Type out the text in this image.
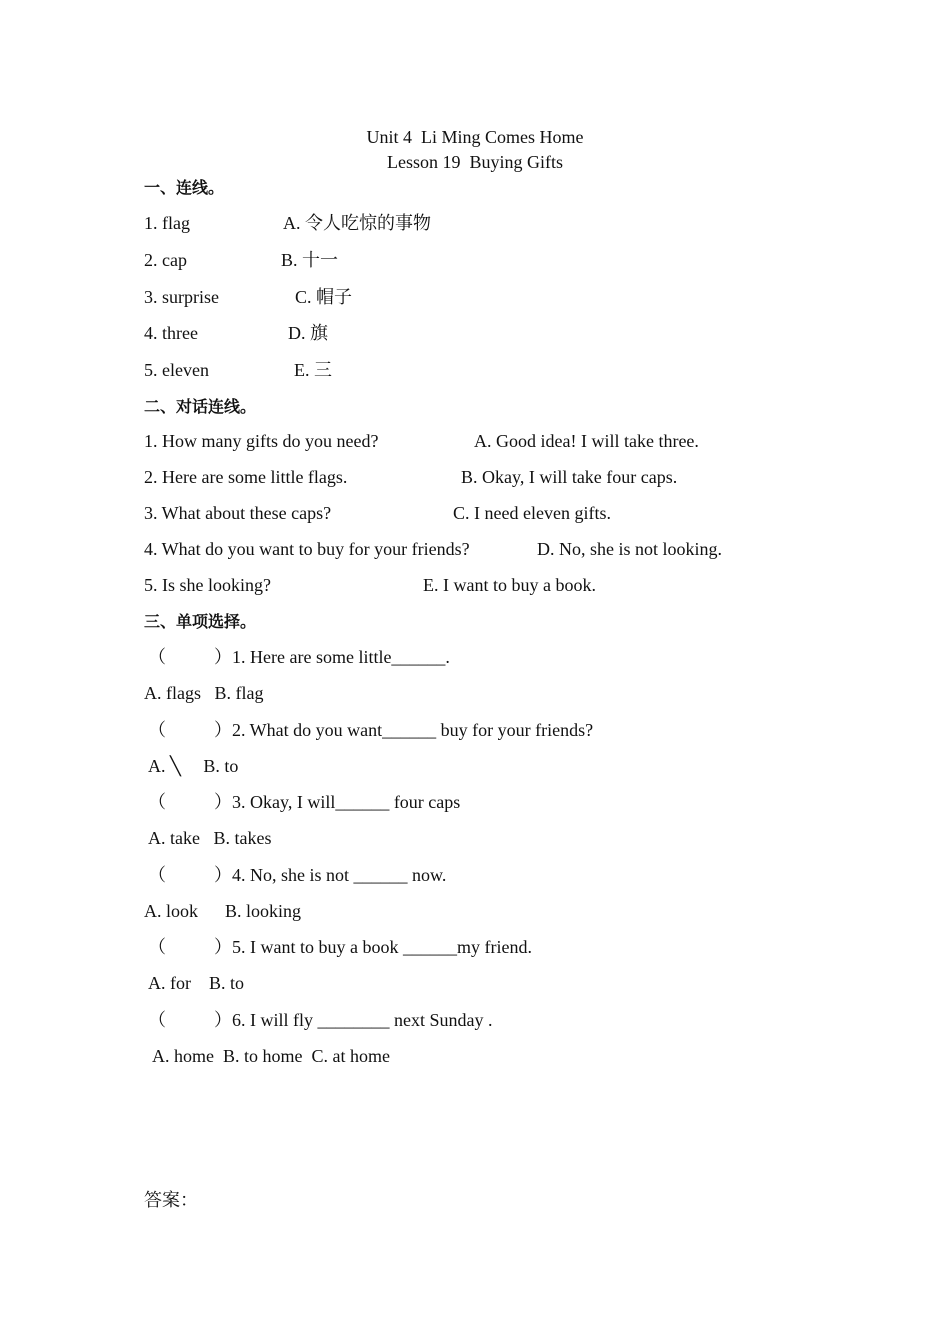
Unit 4  Li Ming Comes Home
Lesson 19  Buying Gifts
一、连线。
1. flag	A. 令人吃惊的事物
2. cap	B. 十一
3. surprise	C. 帽子
4. three	D. 旗
5. eleven	E. 三
二、对话连线。
1. How many gifts do you need?	A. Good idea! I will take three.
2. Here are some little flags.	B. Okay, I will take four caps.
3. What about these caps?	C. I need eleven gifts.
4. What do you want to buy for your friends?	D. No, she is not looking.
5. Is she looking?	E. I want to buy a book.
三、单项选择。
（	）1. Here are some little______.
A. flags   B. flag
（	）2. What do you want______ buy for your friends?
A. ╲     B. to
（	）3. Okay, I will______ four caps
A. take   B. takes
（	）4. No, she is not ______ now.
A. look      B. looking
（	）5. I want to buy a book ______my friend.
A. for    B. to
（	）6. I will fly ________ next Sunday .
A. home  B. to home  C. at home
答案：
